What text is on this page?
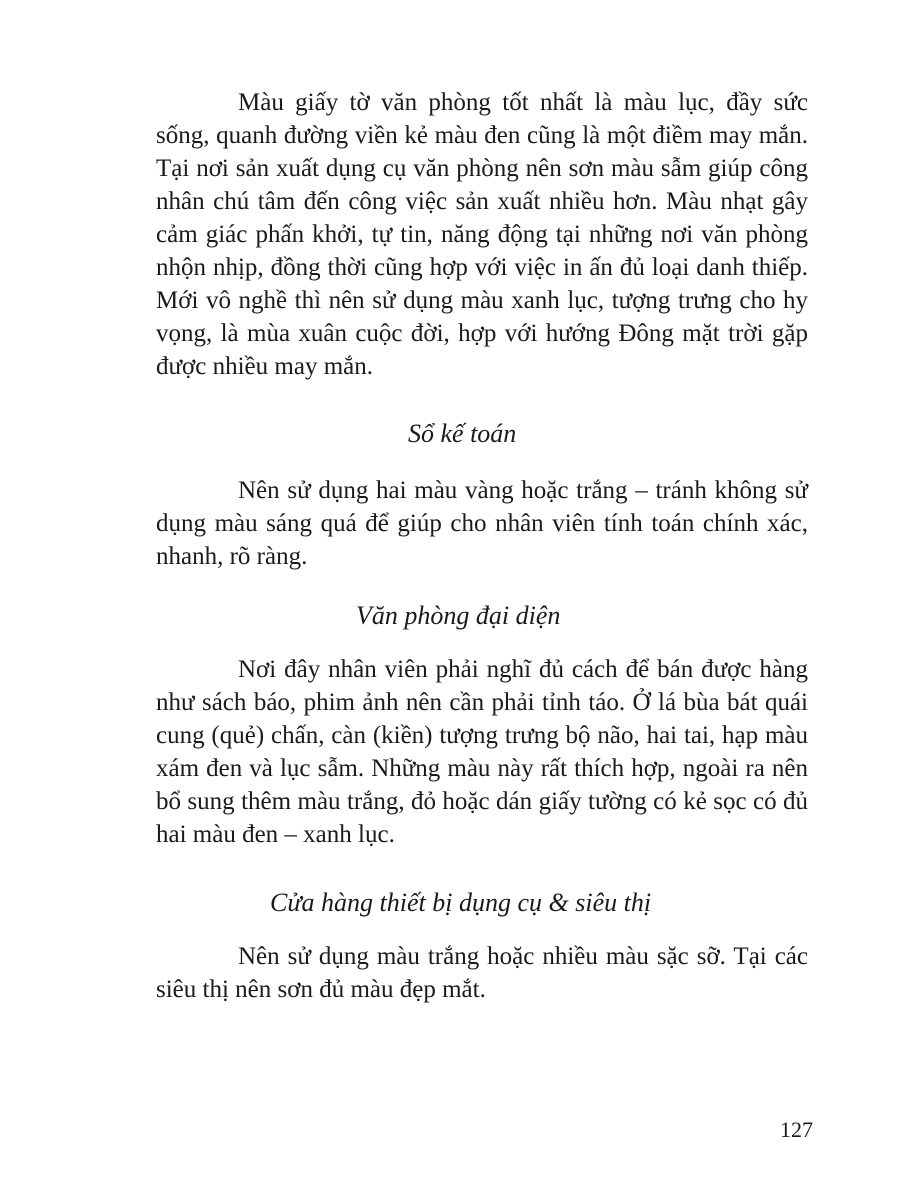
Màu giấy tờ văn phòng tốt nhất là màu lục, đầy sức sống, quanh đường viền kẻ màu đen cũng là một điềm may mắn. Tại nơi sản xuất dụng cụ văn phòng nên sơn màu sẫm giúp công nhân chú tâm đến công việc sản xuất nhiều hơn. Màu nhạt gây cảm giác phấn khởi, tự tin, năng động tại những nơi văn phòng nhộn nhịp, đồng thời cũng hợp với việc in ấn đủ loại danh thiếp. Mới vô nghề thì nên sử dụng màu xanh lục, tượng trưng cho hy vọng, là mùa xuân cuộc đời, hợp với hướng Đông mặt trời gặp được nhiều may mắn.

Sổ kế toán

Nên sử dụng hai màu vàng hoặc trắng – tránh không sử dụng màu sáng quá để giúp cho nhân viên tính toán chính xác, nhanh, rõ ràng.

Văn phòng đại diện

Nơi đây nhân viên phải nghĩ đủ cách để bán được hàng như sách báo, phim ảnh nên cần phải tỉnh táo. Ở lá bùa bát quái cung (quẻ) chấn, càn (kiền) tượng trưng bộ não, hai tai, hạp màu xám đen và lục sẫm. Những màu này rất thích hợp, ngoài ra nên bổ sung thêm màu trắng, đỏ hoặc dán giấy tường có kẻ sọc có đủ hai màu đen – xanh lục.

Cửa hàng thiết bị dụng cụ & siêu thị

Nên sử dụng màu trắng hoặc nhiều màu sặc sỡ. Tại các siêu thị nên sơn đủ màu đẹp mắt.

127
